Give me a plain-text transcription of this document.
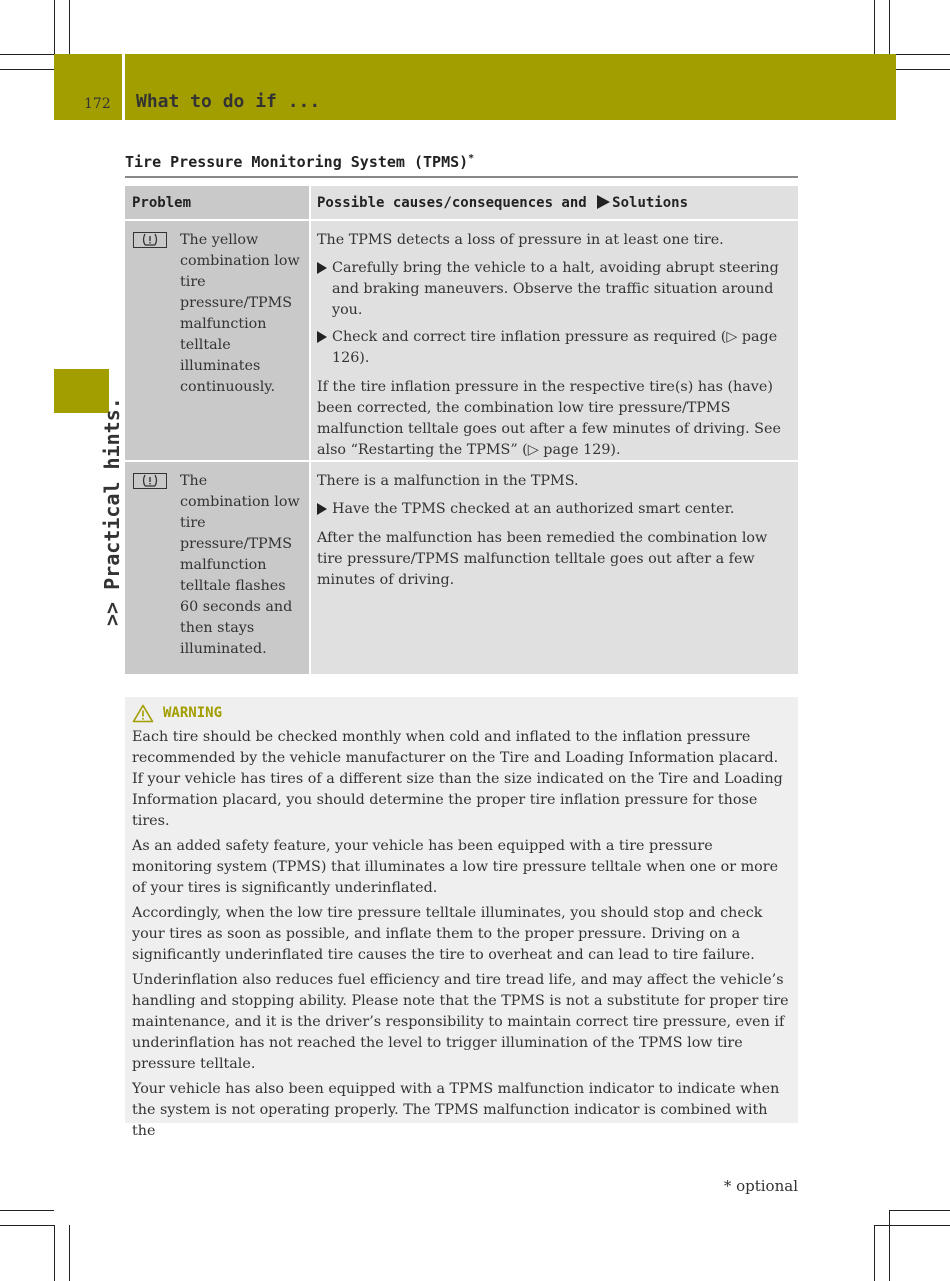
172 What to do if ...
>> Practical hints.
Tire Pressure Monitoring System (TPMS)*
Problem	Possible causes/consequences and Solutions
The yellow combination low tire pressure/TPMS malfunction telltale illuminates continuously.

The TPMS detects a loss of pressure in at least one tire.

Carefully bring the vehicle to a halt, avoiding abrupt steering and braking maneuvers. Observe the traffic situation around you.
Check and correct tire inflation pressure as required (▷ page 126).

If the tire inflation pressure in the respective tire(s) has (have) been corrected, the combination low tire pressure/TPMS malfunction telltale goes out after a few minutes of driving. See also “Restarting the TPMS” (▷ page 129).

The combination low tire pressure/TPMS malfunction telltale flashes 60 seconds and then stays illuminated.

There is a malfunction in the TPMS.

Have the TPMS checked at an authorized smart center.

After the malfunction has been remedied the combination low tire pressure/TPMS malfunction telltale goes out after a few minutes of driving.

WARNING

Each tire should be checked monthly when cold and inflated to the inflation pressure recommended by the vehicle manufacturer on the Tire and Loading Information placard. If your vehicle has tires of a different size than the size indicated on the Tire and Loading Information placard, you should determine the proper tire inflation pressure for those tires.

As an added safety feature, your vehicle has been equipped with a tire pressure monitoring system (TPMS) that illuminates a low tire pressure telltale when one or more of your tires is significantly underinflated.

Accordingly, when the low tire pressure telltale illuminates, you should stop and check your tires as soon as possible, and inflate them to the proper pressure. Driving on a significantly underinflated tire causes the tire to overheat and can lead to tire failure.

Underinflation also reduces fuel efficiency and tire tread life, and may affect the vehicle’s handling and stopping ability. Please note that the TPMS is not a substitute for proper tire maintenance, and it is the driver’s responsibility to maintain correct tire pressure, even if underinflation has not reached the level to trigger illumination of the TPMS low tire pressure telltale.

Your vehicle has also been equipped with a TPMS malfunction indicator to indicate when the system is not operating properly. The TPMS malfunction indicator is combined with the

* optional
